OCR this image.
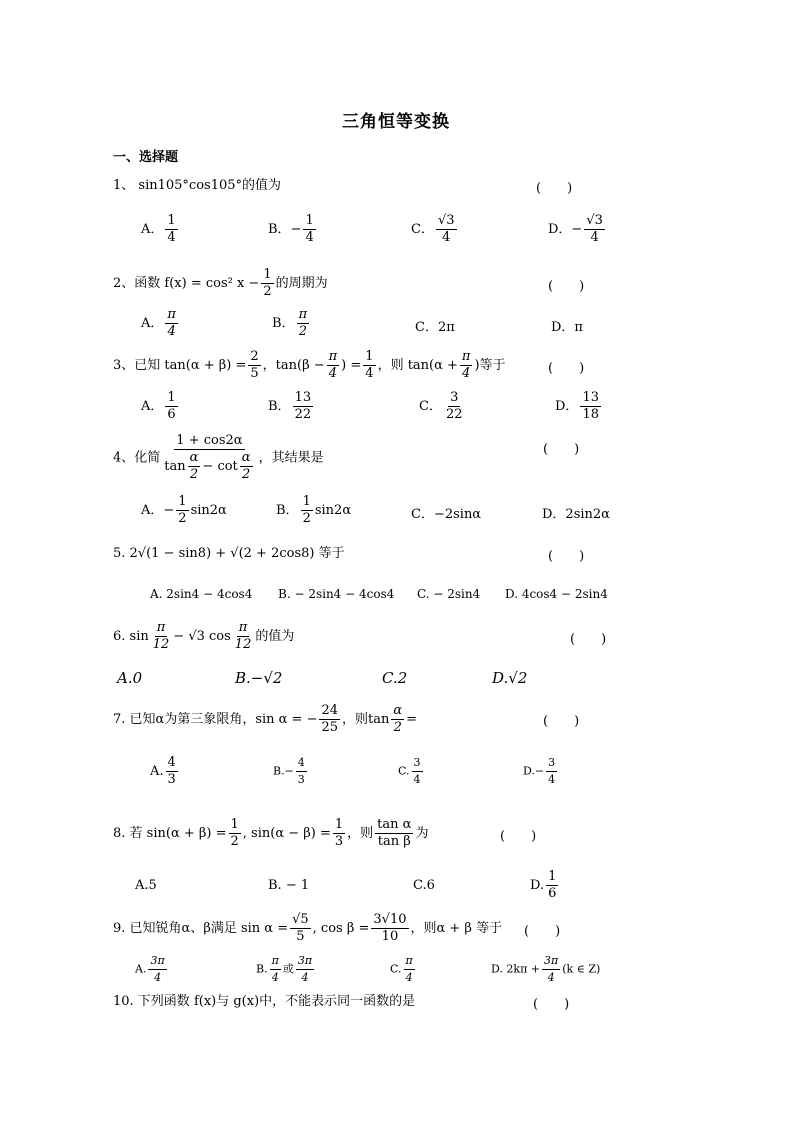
三角恒等变换
一、选择题
1、 sin105°cos105°的值为	(　　)
A． $\frac{1}{4}$	B．− $\frac{1}{4}$	C． $\frac{√3}{4}$	D．− $\frac{√3}{4}$
2、函数 f(x) = cos² $x - \frac{1}{2}$ 的周期为	(　　)
A． $\frac{\pi}{4}$	B． $\frac{\pi}{2}$	C．2π	D．π
3、已知 $\tan(\alpha + \beta) = \frac{2}{5}$ ，$\tan(\beta - \frac{\pi}{4}$ ) = $\frac{1}{4}$ ，则 $\tan(\alpha + \frac{\pi}{4}$ )等于	(　　)
A． $\frac{1}{6}$	B． $\frac{13}{22}$	C． $\frac{3}{22}$	D． $\frac{13}{18}$
4、化简 $\frac{1 + \cos 2\alpha}{\tan \frac{\alpha}{2} - \cot \frac{\alpha}{2}}$ ，其结果是
(　　)
A．− $\frac{1}{2} \sin 2\alpha$	B． $\frac{1}{2} \sin 2\alpha$	C．−2sinα	D．2sin2α
5. 2√(1 − sin8) + √(2 + 2cos8) 等于	(　　)
A. 2sin4 − 4cos4 B. − 2sin4 − 4cos4 C. − 2sin4 D. 4cos4 − 2sin4
6. $\sin \frac{\pi}{12} - √3$ $\cos \frac{\pi}{12}$ 的值为	(　　)
A.0	B.−√2	C.2	D.√2
7. 已知α为第三象限角，sin α = − $\frac{24}{25}$ ，则$\tan \frac{\alpha}{2}$ =	(　　)
A. $\frac{4}{3}$	$B.- \frac{4}{3}$	C. $\frac{3}{4}$	$D.- \frac{3}{4}$
8. 若 $\sin(\alpha + \beta) = \frac{1}{2}$ , $\sin(\alpha - \beta) = \frac{1}{3}$ ，则 $\frac{\text{tan α}}{\text{tan β}}$ 为	(　　)
A.5	B. − 1	C.6	D. $\frac{1}{6}$
9. 已知锐角α、β满足 $\sin \alpha = \frac{√5}{5}$ , $\cos \beta = \frac{3√10}{10}$ ，则α + β 等于 (　　)
A. $\frac{3\pi}{4}$	B. $\frac{\pi}{4}$ 或 $\frac{3\pi}{4}$	C. $\frac{\pi}{4}$	D. $2k\pi + \frac{3\pi}{4} (k$ ∈ Z)
10. 下列函数 f(x)与 g(x)中，不能表示同一函数的是	(　　)
